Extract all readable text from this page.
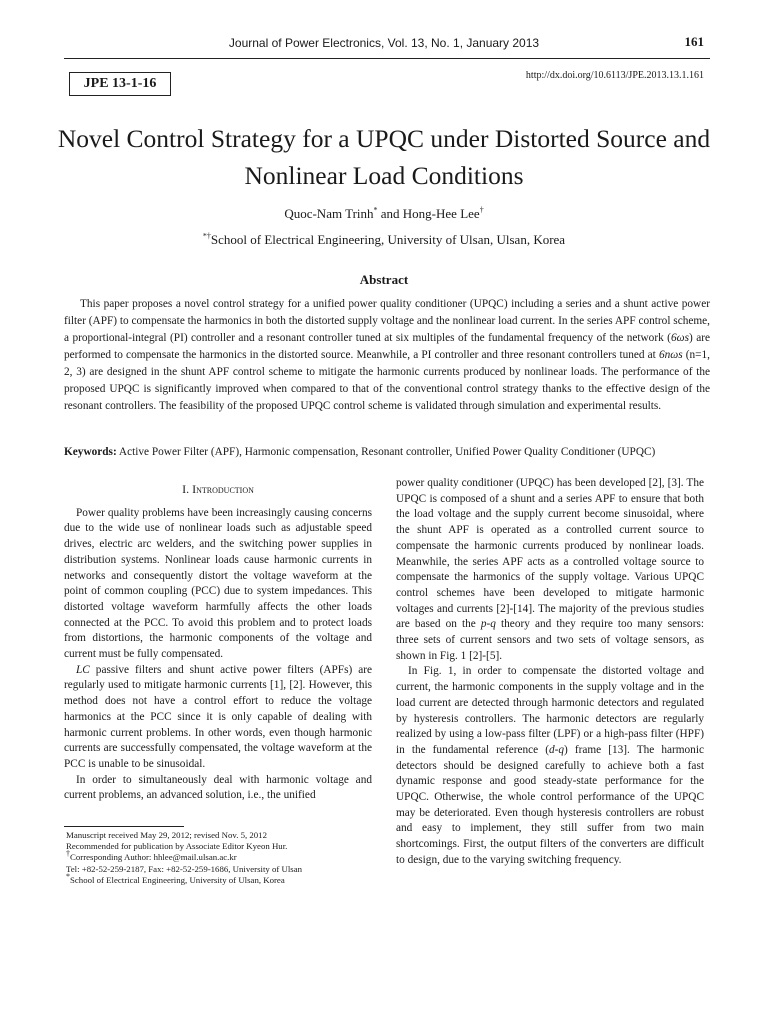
Journal of Power Electronics, Vol. 13, No. 1, January 2013	161
JPE 13-1-16
http://dx.doi.org/10.6113/JPE.2013.13.1.161
Novel Control Strategy for a UPQC under Distorted Source and Nonlinear Load Conditions
Quoc-Nam Trinh* and Hong-Hee Lee†
*†School of Electrical Engineering, University of Ulsan, Ulsan, Korea
Abstract
This paper proposes a novel control strategy for a unified power quality conditioner (UPQC) including a series and a shunt active power filter (APF) to compensate the harmonics in both the distorted supply voltage and the nonlinear load current. In the series APF control scheme, a proportional-integral (PI) controller and a resonant controller tuned at six multiples of the fundamental frequency of the network (6ωs) are performed to compensate the harmonics in the distorted source. Meanwhile, a PI controller and three resonant controllers tuned at 6nωs (n=1, 2, 3) are designed in the shunt APF control scheme to mitigate the harmonic currents produced by nonlinear loads. The performance of the proposed UPQC is significantly improved when compared to that of the conventional control strategy thanks to the effective design of the resonant controllers. The feasibility of the proposed UPQC control scheme is validated through simulation and experimental results.
Keywords: Active Power Filter (APF), Harmonic compensation, Resonant controller, Unified Power Quality Conditioner (UPQC)
I. Introduction

Power quality problems have been increasingly causing concerns due to the wide use of nonlinear loads such as adjustable speed drives, electric arc welders, and the switching power supplies in distribution systems. Nonlinear loads cause harmonic currents in networks and consequently distort the voltage waveform at the point of common coupling (PCC) due to system impedances. This distorted voltage waveform harmfully affects the other loads connected at the PCC. To avoid this problem and to protect loads from distortions, the harmonic components of the voltage and current must be fully compensated.

LC passive filters and shunt active power filters (APFs) are regularly used to mitigate harmonic currents [1], [2]. However, this method does not have a control effort to reduce the voltage harmonics at the PCC since it is only capable of dealing with harmonic current problems. In other words, even though harmonic currents are successfully compensated, the voltage waveform at the PCC is unable to be sinusoidal.

In order to simultaneously deal with harmonic voltage and current problems, an advanced solution, i.e., the unified

power quality conditioner (UPQC) has been developed [2], [3]. The UPQC is composed of a shunt and a series APF to ensure that both the load voltage and the supply current become sinusoidal, where the shunt APF is operated as a controlled current source to compensate the harmonic currents produced by nonlinear loads. Meanwhile, the series APF acts as a controlled voltage source to compensate the harmonics of the supply voltage. Various UPQC control schemes have been developed to mitigate harmonic voltages and currents [2]-[14]. The majority of the previous studies are based on the p-q theory and they require too many sensors: three sets of current sensors and two sets of voltage sensors, as shown in Fig. 1 [2]-[5].

In Fig. 1, in order to compensate the distorted voltage and current, the harmonic components in the supply voltage and in the load current are detected through harmonic detectors and regulated by hysteresis controllers. The harmonic detectors are regularly realized by using a low-pass filter (LPF) or a high-pass filter (HPF) in the fundamental reference (d-q) frame [13]. The harmonic detectors should be designed carefully to achieve both a fast dynamic response and good steady-state performance for the UPQC. Otherwise, the whole control performance of the UPQC may be deteriorated. Even though hysteresis controllers are robust and easy to implement, they still suffer from two main shortcomings. First, the output filters of the converters are difficult to design, due to the varying switching frequency.

Manuscript received May 29, 2012; revised Nov. 5, 2012
Recommended for publication by Associate Editor Kyeon Hur.
†Corresponding Author: hhlee@mail.ulsan.ac.kr
Tel: +82-52-259-2187, Fax: +82-52-259-1686, University of Ulsan
*School of Electrical Engineering, University of Ulsan, Korea
